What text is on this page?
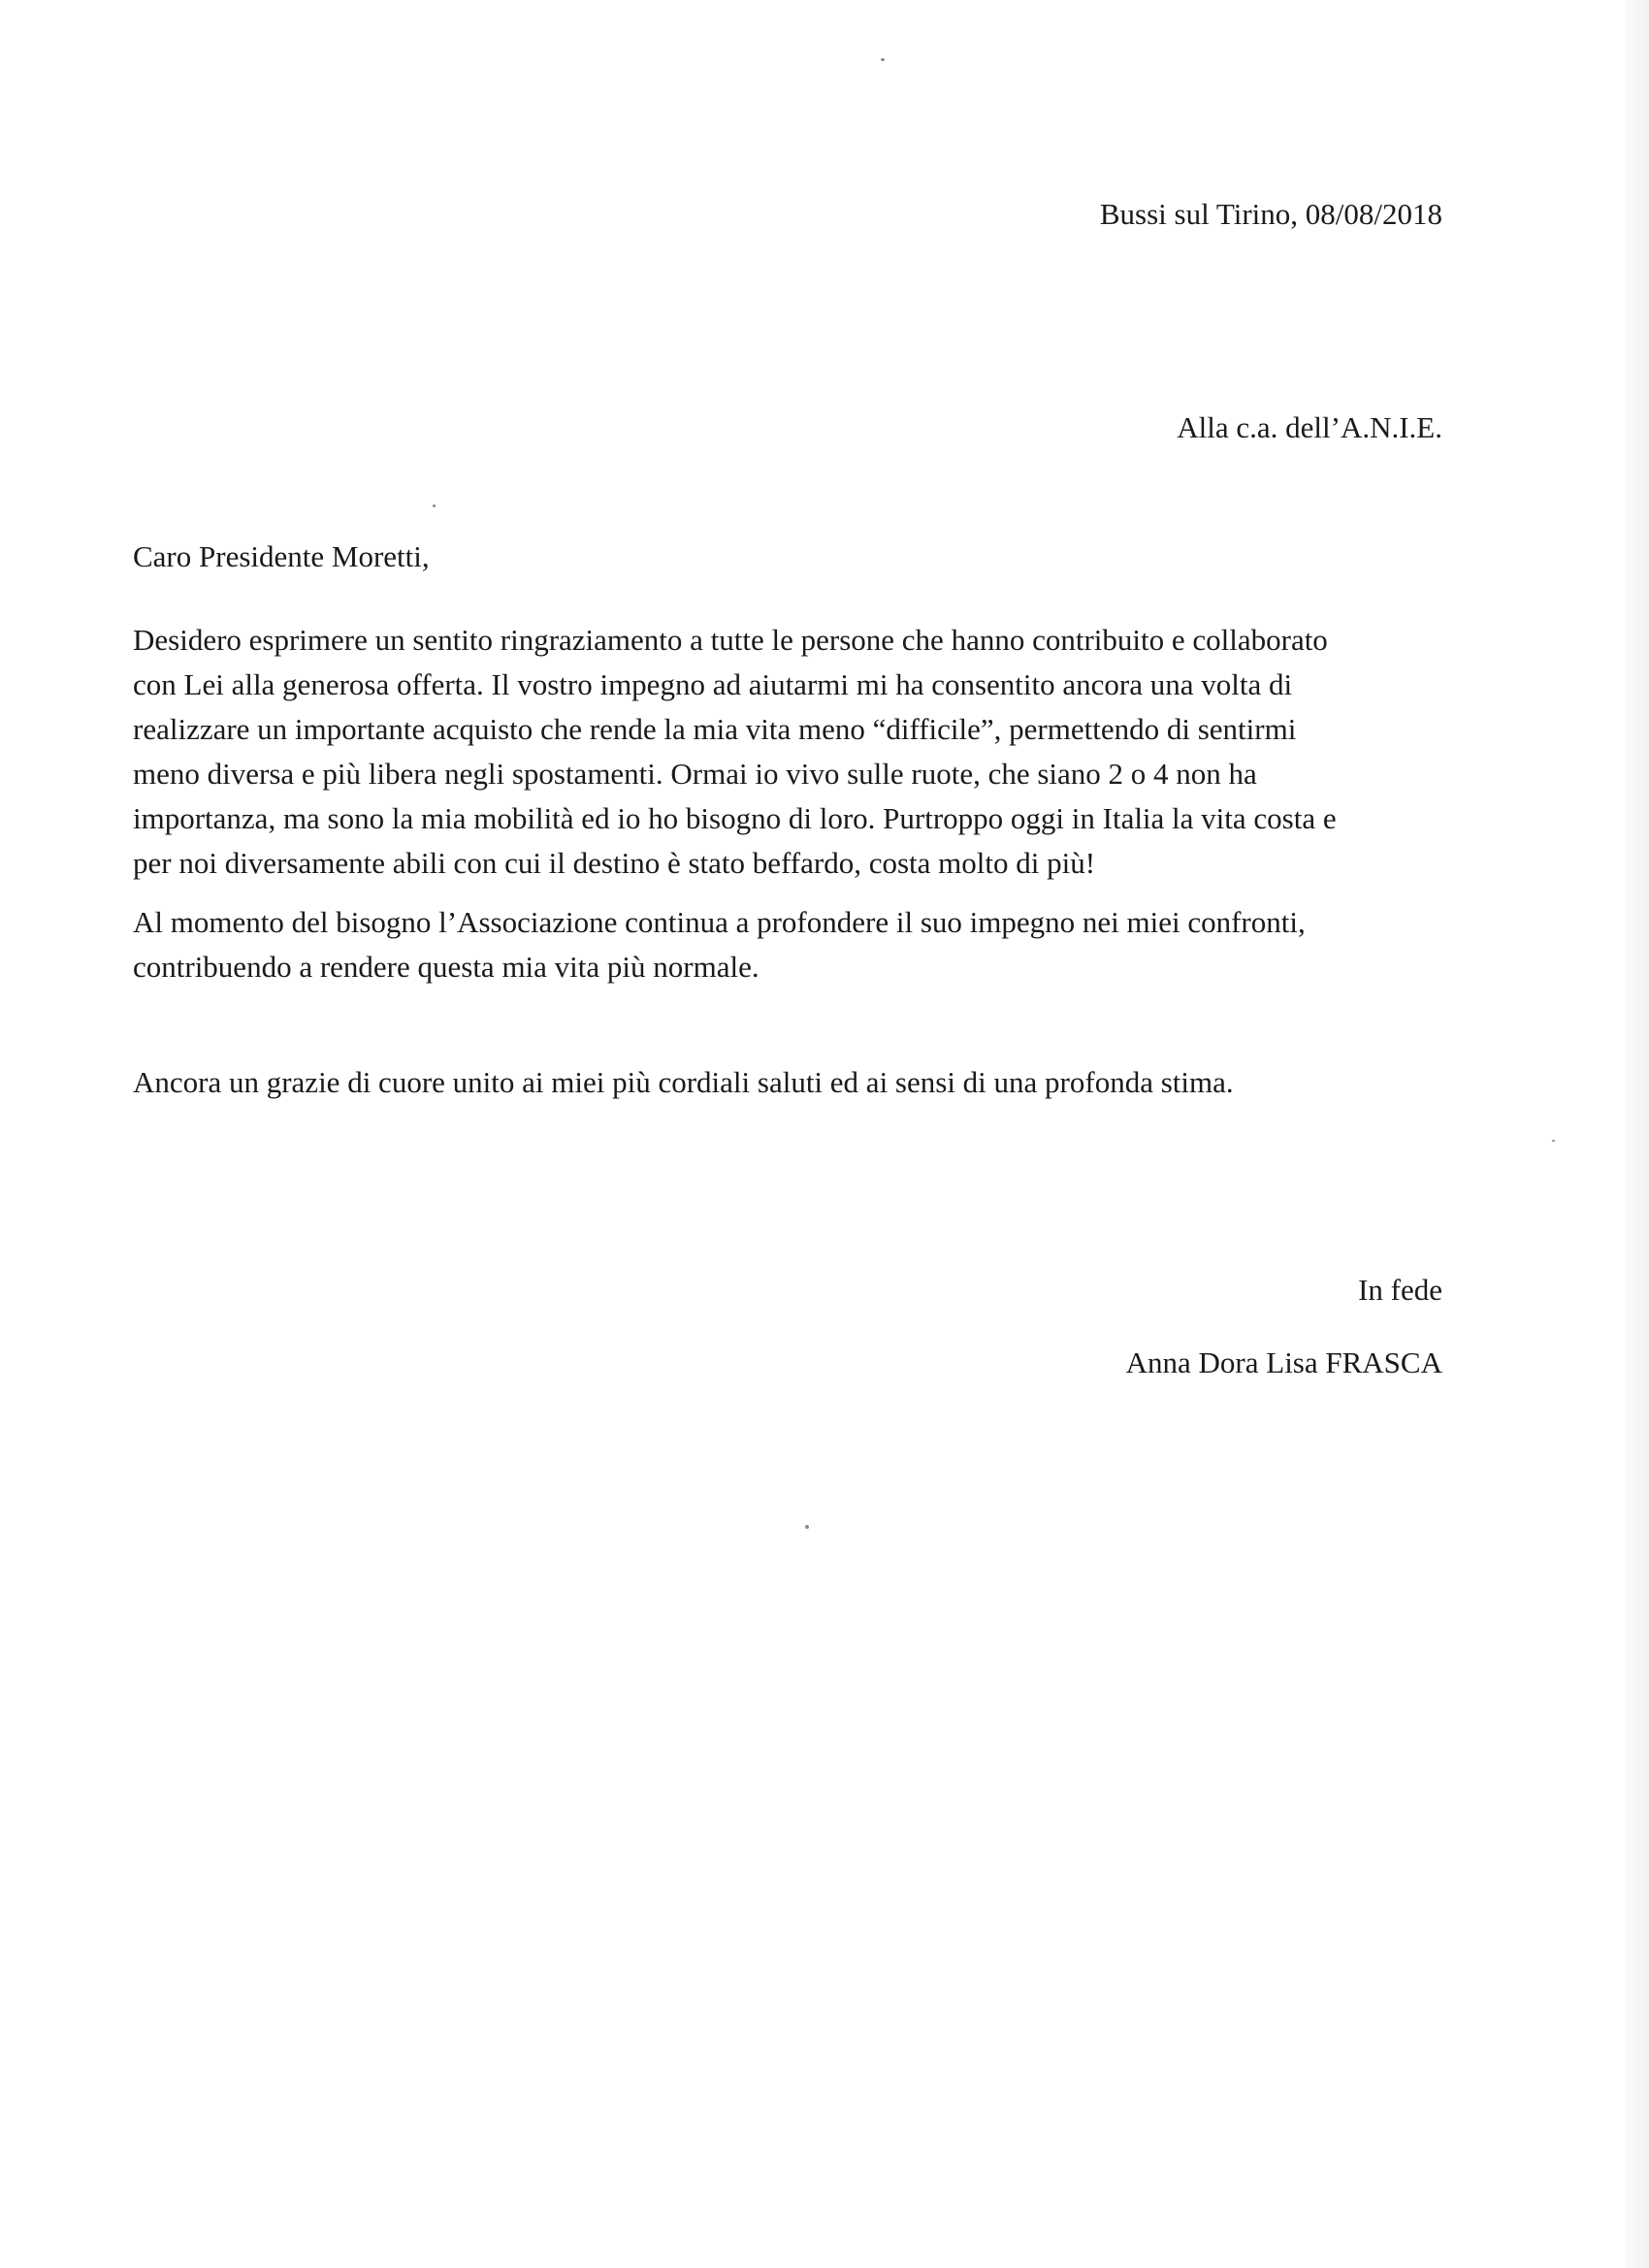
Bussi sul Tirino, 08/08/2018
Alla c.a. dell’A.N.I.E.
Caro Presidente Moretti,
Desidero esprimere un sentito ringraziamento a tutte le persone che hanno contribuito e collaborato
con Lei alla generosa offerta. Il vostro impegno ad aiutarmi mi ha consentito ancora una volta di
realizzare un importante acquisto che rende la mia vita meno “difficile”, permettendo di sentirmi
meno diversa e più libera negli spostamenti. Ormai io vivo sulle ruote, che siano 2 o 4 non ha
importanza, ma sono la mia mobilità ed io ho bisogno di loro. Purtroppo oggi in Italia la vita costa e
per noi diversamente abili con cui il destino è stato beffardo, costa molto di più!
Al momento del bisogno l’Associazione continua a profondere il suo impegno nei miei confronti,
contribuendo a rendere questa mia vita più normale.
Ancora un grazie di cuore unito ai miei più cordiali saluti ed ai sensi di una profonda stima.
In fede
Anna Dora Lisa FRASCA
